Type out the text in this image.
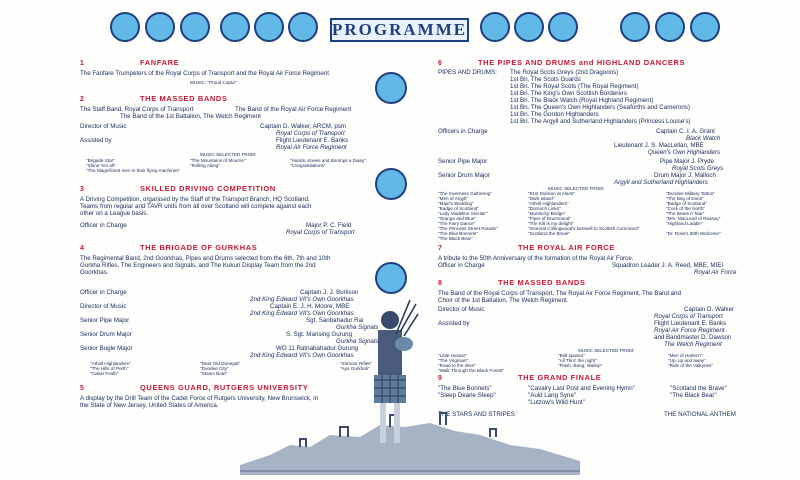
PROGRAMME
1	FANFARE
The Fanfare Trumpeters of the Royal Corps of Transport and the Royal Air Force Regiment
MUSIC: "Proud Capta"
2	THE MASSED BANDS
The Staff Band, Royal Corps of Transport	The Band of the Royal Air Force Regiment
The Band of the 1st Battalion, The Welch Regiment
Director of Music	Captain D. Walker, ARCM, psm
Royal Corps of Transport
Assisted by	Flight Lieutenant E. Banks
Royal Air Force Regiment
MUSIC SELECTED FROM:
"Brigade Star"
"Shine 'em all"
"The Magnificent men in their flying machines"
"The Mountains of Mourne"
"Rolling Along"
"Hands, Knees and Boomps a Daisy"
"Congratulations"
3	SKILLED DRIVING COMPETITION
A Driving Competition, organised by the Staff of the Transport Branch, HQ Scotland.
Teams from regular and TAVR units from all over Scotland will compete against each
other on a League basis.
Officer in Charge	Major P. C. Field
Royal Corps of Transport
4	THE BRIGADE OF GURKHAS
The Regimental Band, 2nd Goorkhas, Pipes and Drums selected from the 6th, 7th and 10th
Gurkha Rifles, The Engineers and Signals, and The Kukuri Display Team from the 2nd
Goorkhas.
Officer in Charge	Captain J. J. Burlison
2nd King Edward VII's Own Goorkhas
Director of Music	Captain E. J. H. Moore, MBE
2nd King Edward VII's Own Goorkhas
Senior Pipe Major	Sgt. Sanbahadur Rai
Gurkha Signals
Senior Drum Major	S. Sgt. Mansing Gurung
Gurkha Signals
Senior Bugle Major	WO 11 Ratnabahadur Gurung
2nd King Edward VII's Own Goorkhas
"Atholl Highlanders"
"The Hills of Perth"
"Cabar Feidh"
"Dear Old Donegal"
"Dundee City"
"Steam Boat"
"Sirmoor Rifles"
"Ayo Gurkhali"
5	QUEENS GUARD, RUTGERS UNIVERSITY
A display by the Drill Team of the Cadet Force of Rutgers University, New Brunswick, in
the State of New Jersey, United States of America.
6	THE PIPES AND DRUMS and HIGHLAND DANCERS
PIPES AND DRUMS: The Royal Scots Greys (2nd Dragoons)
1st Bn. The Scots Guards
1st Bn. The Royal Scots (The Royal Regiment)
1st Bn. The King's Own Scottish Borderers
1st Bn. The Black Watch (Royal Highland Regiment)
1st Bn. The Queen's Own Highlanders (Seaforths and Camerons)
1st Bn. The Gordon Highlanders
1st Bn. The Argyll and Sutherland Highlanders (Princess Louise's)
Officers in Charge	Captain C. I. A. Grant
Black Watch
Lieutenant J. S. MacLellan, MBE
Queen's Own Highlanders
Senior Pipe Major	Pipe Major J. Pryde
Royal Scots Greys
Senior Drum Major	Drum Major J. Malloch
Argyll and Sutherland Highlanders
MUSIC SELECTED FROM:
"The Inverness Gathering"
"Men of Argyll"
"Mairi's Wedding"
"Badge of Scotland"
"Lady Madeline Sinclair"
"Orange and Blue"
"The Fairy Dance"
"The Princess Street Parade"
"The Blue Bonnets"
"The Black Bear"
"51st Division at Alamt"
"Dark Island"
"Atholl Highlanders"
"Dornoch Links"
"Munlochy Bridge"
"Piper of Drummond"
"The Kilt is my delight"
"General Collingwood's farewell to Scottish Command"
"Scotland the Brave"
"Dundee Military Tattoo"
"The Brig of Doon"
"Badge of Scotland"
"Cock of the North"
"The Braes o' Mar"
"Mrs. MacLeod of Raasay"
"Highland Laddie"
"Dr. Ross's 50th Welcome"
7	THE ROYAL AIR FORCE
A tribute to the 50th Anniversary of the formation of the Royal Air Force.
Officer in Charge	Squadron Leader J. A. Reed, MBE, MIEI
Royal Air Force
8	THE MASSED BANDS
The Band of the Royal Corps of Transport, The Royal Air Force Regiment, The Band and
Choir of the 1st Battalion, The Welch Regiment.
Director of Music	Captain D. Walker
Royal Corps of Transport
Assisted by	Flight Lieutenant E. Banks
Royal Air Force Regiment
and Bandmaster D. Dawson
The Welch Regiment
MUSIC SELECTED FROM:
"Little Hussar"
"The Virginian"
"Road to the Isles"
"Walk Through the Black Forest"
"Bell spasso"
"All Thro' the night"
"Flash, Bang, Wallop"
"Men of Harlech"
"Up, up and away"
"Ride of the Valkyries"
9	THE GRAND FINALE
"The Blue Bonnets"
"Sleep Dearie Sleep"
"Cavalry Last Post and Evening Hymn"
"Auld Lang Syne"
"Lutzow's Wild Hunt"
"Scotland the Brave"
"The Black Bear"
THE STARS AND STRIPES	THE NATIONAL ANTHEM
